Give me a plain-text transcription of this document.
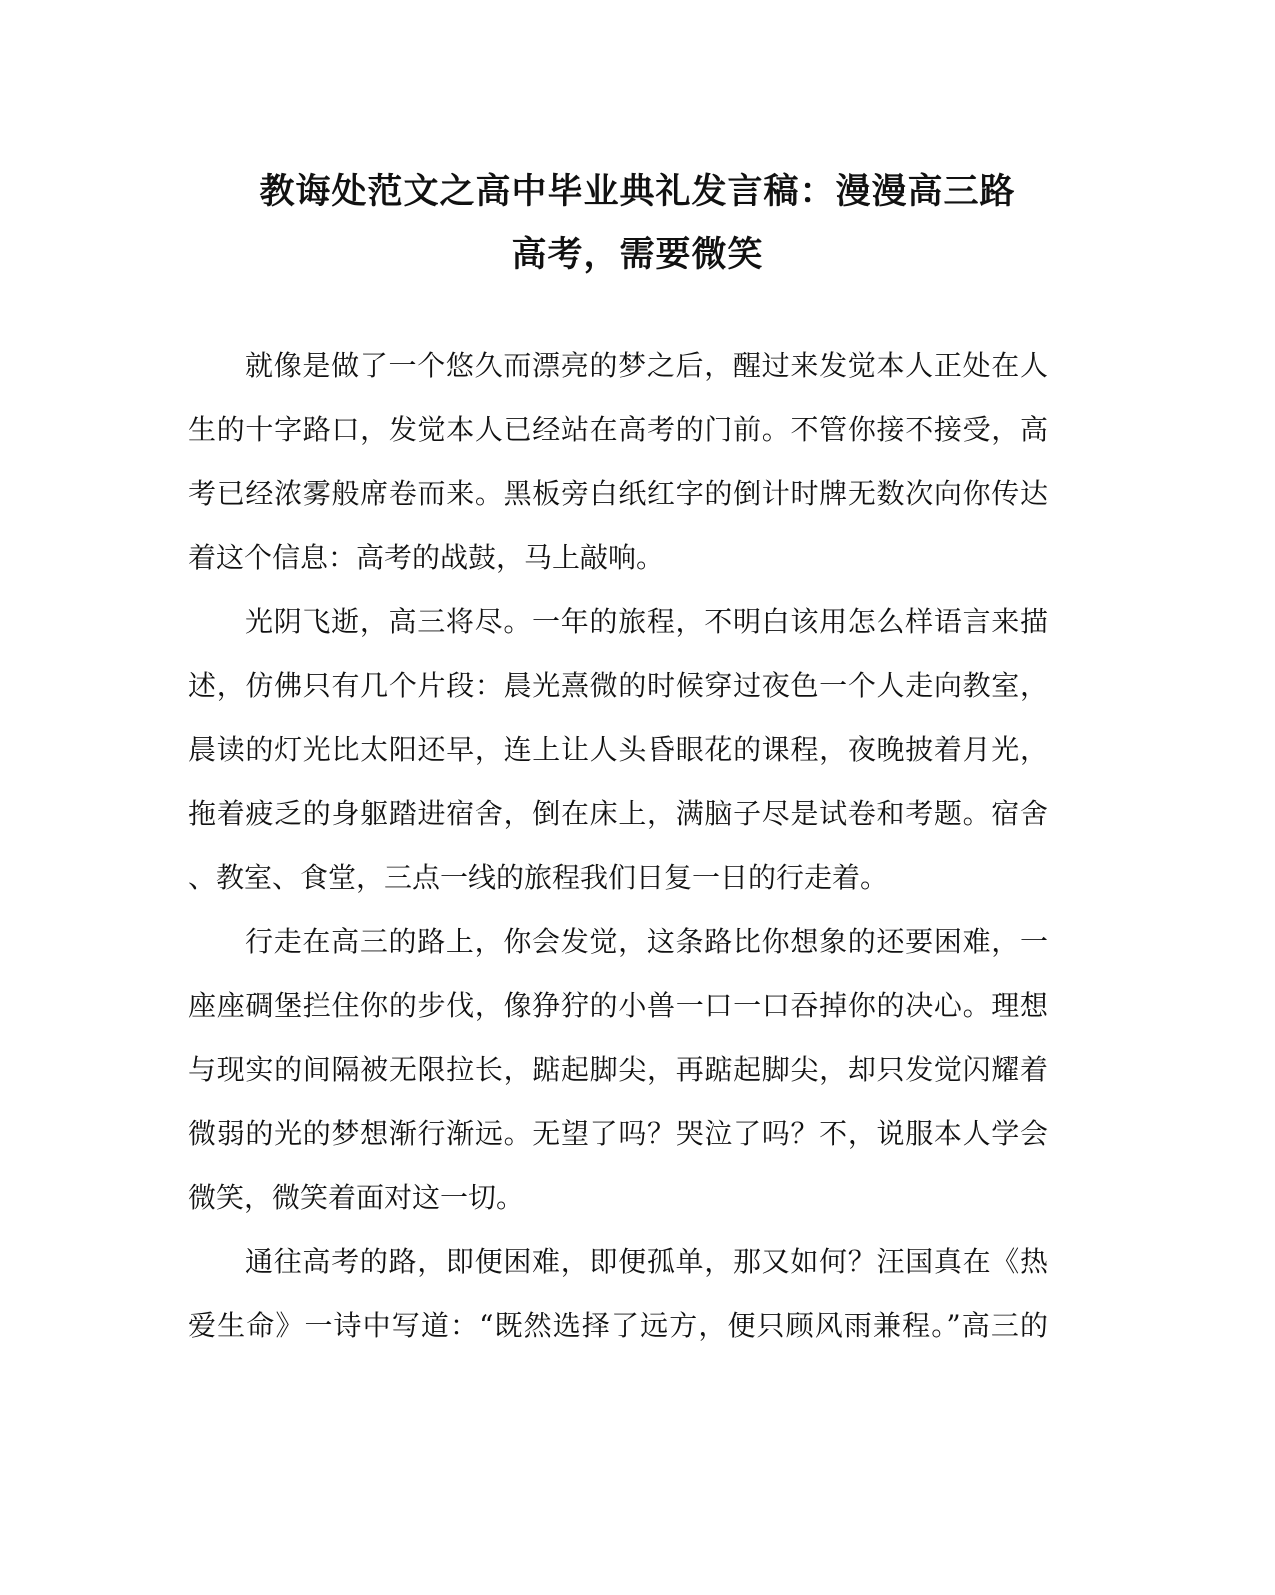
教诲处范文之高中毕业典礼发言稿：漫漫高三路
高考，需要微笑
就像是做了一个悠久而漂亮的梦之后，醒过来发觉本人正处在人
生的十字路口，发觉本人已经站在高考的门前。不管你接不接受，高
考已经浓雾般席卷而来。黑板旁白纸红字的倒计时牌无数次向你传达
着这个信息：高考的战鼓，马上敲响。
光阴飞逝，高三将尽。一年的旅程，不明白该用怎么样语言来描
述，仿佛只有几个片段：晨光熹微的时候穿过夜色一个人走向教室，
晨读的灯光比太阳还早，连上让人头昏眼花的课程，夜晚披着月光，
拖着疲乏的身躯踏进宿舍，倒在床上，满脑子尽是试卷和考题。宿舍
、教室、食堂，三点一线的旅程我们日复一日的行走着。
行走在高三的路上，你会发觉，这条路比你想象的还要困难，一
座座碉堡拦住你的步伐，像狰狞的小兽一口一口吞掉你的决心。理想
与现实的间隔被无限拉长，踮起脚尖，再踮起脚尖，却只发觉闪耀着
微弱的光的梦想渐行渐远。无望了吗？哭泣了吗？不，说服本人学会
微笑，微笑着面对这一切。
通往高考的路，即便困难，即便孤单，那又如何？汪国真在《热
爱生命》一诗中写道：“既然选择了远方，便只顾风雨兼程。”高三的
